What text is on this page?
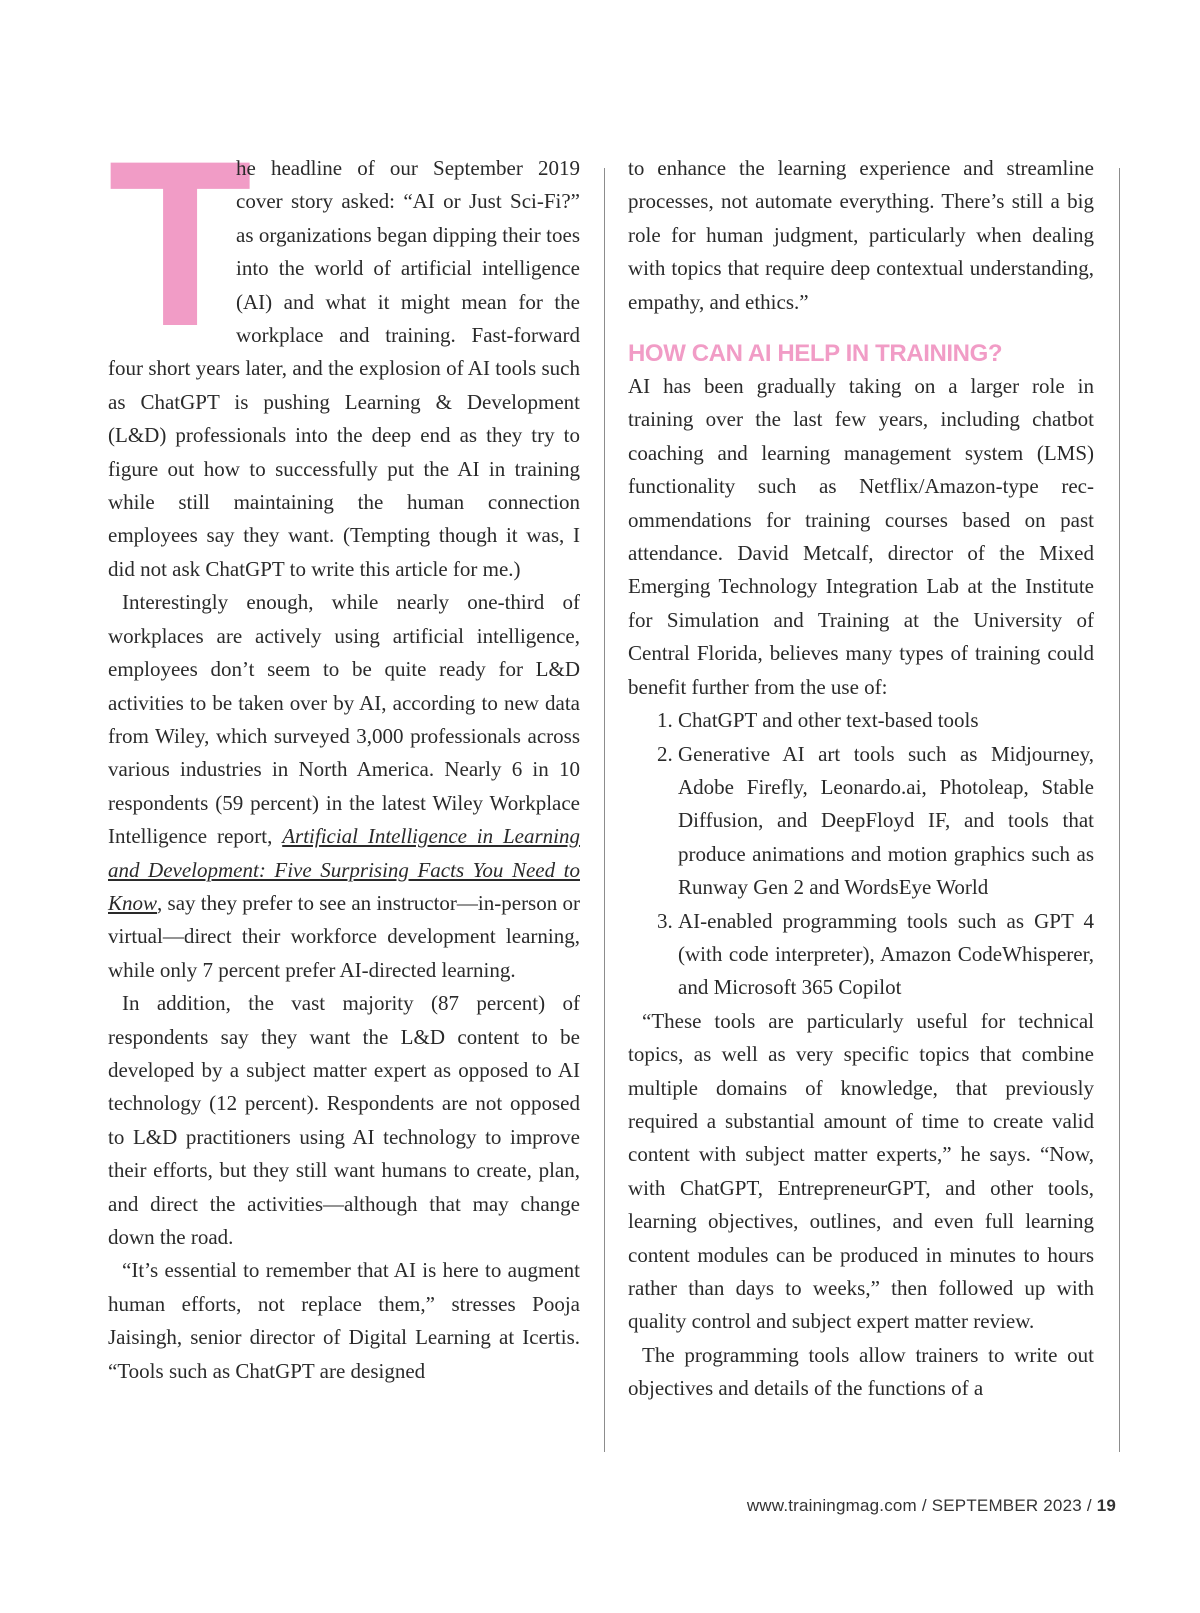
T
he headline of our September 2019 cover story asked: “AI or Just Sci-Fi?” as organizations began dipping their toes into the world of artificial intelligence (AI) and what it might mean for the workplace and training. Fast-forward four short years later, and the explosion of AI tools such as ChatGPT is pushing Learning & Development (L&D) professionals into the deep end as they try to figure out how to successfully put the AI in training while still maintaining the human connection employees say they want. (Tempting though it was, I did not ask ChatGPT to write this article for me.)

Interestingly enough, while nearly one-third of workplaces are actively using artificial intelligence, employees don’t seem to be quite ready for L&D activities to be taken over by AI, according to new data from Wiley, which surveyed 3,000 professionals across various industries in North America. Nearly 6 in 10 respondents (59 percent) in the latest Wiley Workplace Intelligence report, Artificial Intelligence in Learning and Development: Five Surprising Facts You Need to Know, say they prefer to see an instructor—in-person or virtual—direct their workforce development learning, while only 7 percent prefer AI-directed learning.

In addition, the vast majority (87 percent) of respondents say they want the L&D content to be developed by a subject matter expert as opposed to AI technology (12 percent). Respondents are not opposed to L&D practitioners using AI technology to improve their efforts, but they still want humans to create, plan, and direct the activities—although that may change down the road.

“It’s essential to remember that AI is here to augment human efforts, not replace them,” stresses Pooja Jaisingh, senior director of Digital Learning at Icertis. “Tools such as ChatGPT are designed

to enhance the learning experience and streamline processes, not automate everything. There’s still a big role for human judgment, particularly when dealing with topics that require deep contextual understanding, empathy, and ethics.”

HOW CAN AI HELP IN TRAINING?

AI has been gradually taking on a larger role in training over the last few years, including chatbot coaching and learning management system (LMS) functionality such as Netflix/Amazon-type recommendations for training courses based on past attendance. David Metcalf, director of the Mixed Emerging Technology Integration Lab at the Institute for Simulation and Training at the University of Central Florida, believes many types of training could benefit further from the use of:

1. ChatGPT and other text-based tools
2. Generative AI art tools such as Midjourney, Adobe Firefly, Leonardo.ai, Photoleap, Stable Diffusion, and DeepFloyd IF, and tools that produce animations and motion graphics such as Runway Gen 2 and WordsEye World
3. AI-enabled programming tools such as GPT 4 (with code interpreter), Amazon CodeWhisperer, and Microsoft 365 Copilot

“These tools are particularly useful for technical topics, as well as very specific topics that combine multiple domains of knowledge, that previously required a substantial amount of time to create valid content with subject matter experts,” he says. “Now, with ChatGPT, EntrepreneurGPT, and other tools, learning objectives, outlines, and even full learning content modules can be produced in minutes to hours rather than days to weeks,” then followed up with quality control and subject expert matter review.

The programming tools allow trainers to write out objectives and details of the functions of a

www.trainingmag.com / SEPTEMBER 2023 / 19
